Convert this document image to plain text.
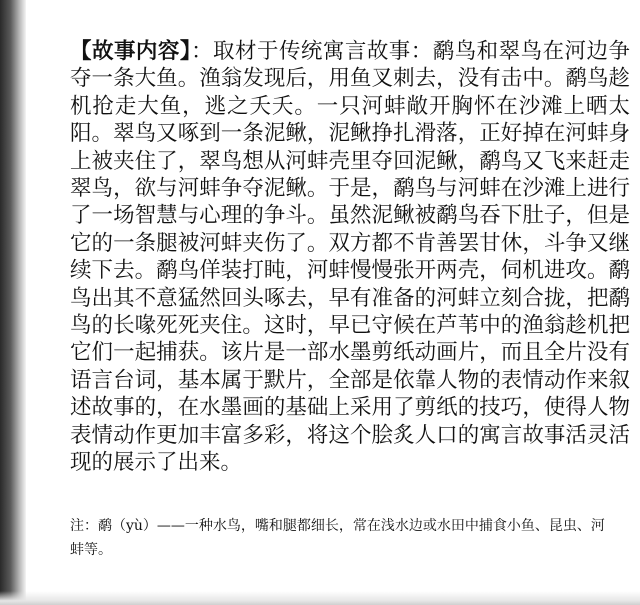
【故事内容】：取材于传统寓言故事：鹬鸟和翠鸟在河边争夺一条大鱼。渔翁发现后，用鱼叉刺去，没有击中。鹬鸟趁机抢走大鱼，逃之夭夭。一只河蚌敞开胸怀在沙滩上晒太阳。翠鸟又啄到一条泥鳅，泥鳅挣扎滑落，正好掉在河蚌身上被夹住了，翠鸟想从河蚌壳里夺回泥鳅，鹬鸟又飞来赶走翠鸟，欲与河蚌争夺泥鳅。于是，鹬鸟与河蚌在沙滩上进行了一场智慧与心理的争斗。虽然泥鳅被鹬鸟吞下肚子，但是它的一条腿被河蚌夹伤了。双方都不肯善罢甘休，斗争又继续下去。鹬鸟佯装打盹，河蚌慢慢张开两壳，伺机进攻。鹬鸟出其不意猛然回头啄去，早有准备的河蚌立刻合拢，把鹬鸟的长喙死死夹住。这时，早已守候在芦苇中的渔翁趁机把它们一起捕获。该片是一部水墨剪纸动画片，而且全片没有语言台词，基本属于默片，全部是依靠人物的表情动作来叙述故事的，在水墨画的基础上采用了剪纸的技巧，使得人物表情动作更加丰富多彩，将这个脍炙人口的寓言故事活灵活现的展示了出来。

注：鹬（yù）——一种水鸟，嘴和腿都细长，常在浅水边或水田中捕食小鱼、昆虫、河蚌等。
